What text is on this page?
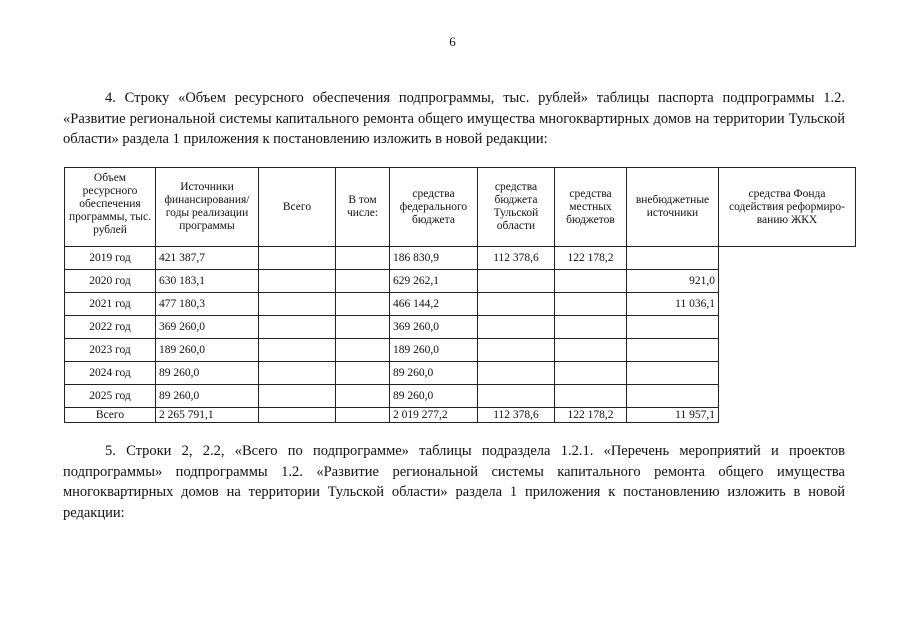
6

4. Строку «Объем ресурсного обеспечения подпрограммы, тыс. рублей» таблицы паспорта подпрограммы 1.2. «Развитие региональной системы капитального ремонта общего имущества многоквартирных домов на территории Тульской области» раздела 1 приложения к постановлению изложить в новой редакции:

Объем ресурсного обеспечения программы, тыс. рублей	Источники финансирования/ годы реализации программы	Всего	В том числе:	средства федерального бюджета	средства бюджета Тульской области	средства местных бюджетов	внебюджетные источники	средства Фонда содействия реформиро-ванию ЖКХ
2019 год	421 387,7			186 830,9	112 378,6	122 178,2		
2020 год	630 183,1			629 262,1			921,0	
2021 год	477 180,3			466 144,2			11 036,1	
2022 год	369 260,0			369 260,0				
2023 год	189 260,0			189 260,0				
2024 год	89 260,0			89 260,0				
2025 год	89 260,0			89 260,0				
Всего	2 265 791,1			2 019 277,2	112 378,6	122 178,2	11 957,1	

5. Строки 2, 2.2, «Всего по подпрограмме» таблицы подраздела 1.2.1. «Перечень мероприятий и проектов подпрограммы» подпрограммы 1.2. «Развитие региональной системы капитального ремонта общего имущества многоквартирных домов на территории Тульской области» раздела 1 приложения к постановлению изложить в новой редакции:
